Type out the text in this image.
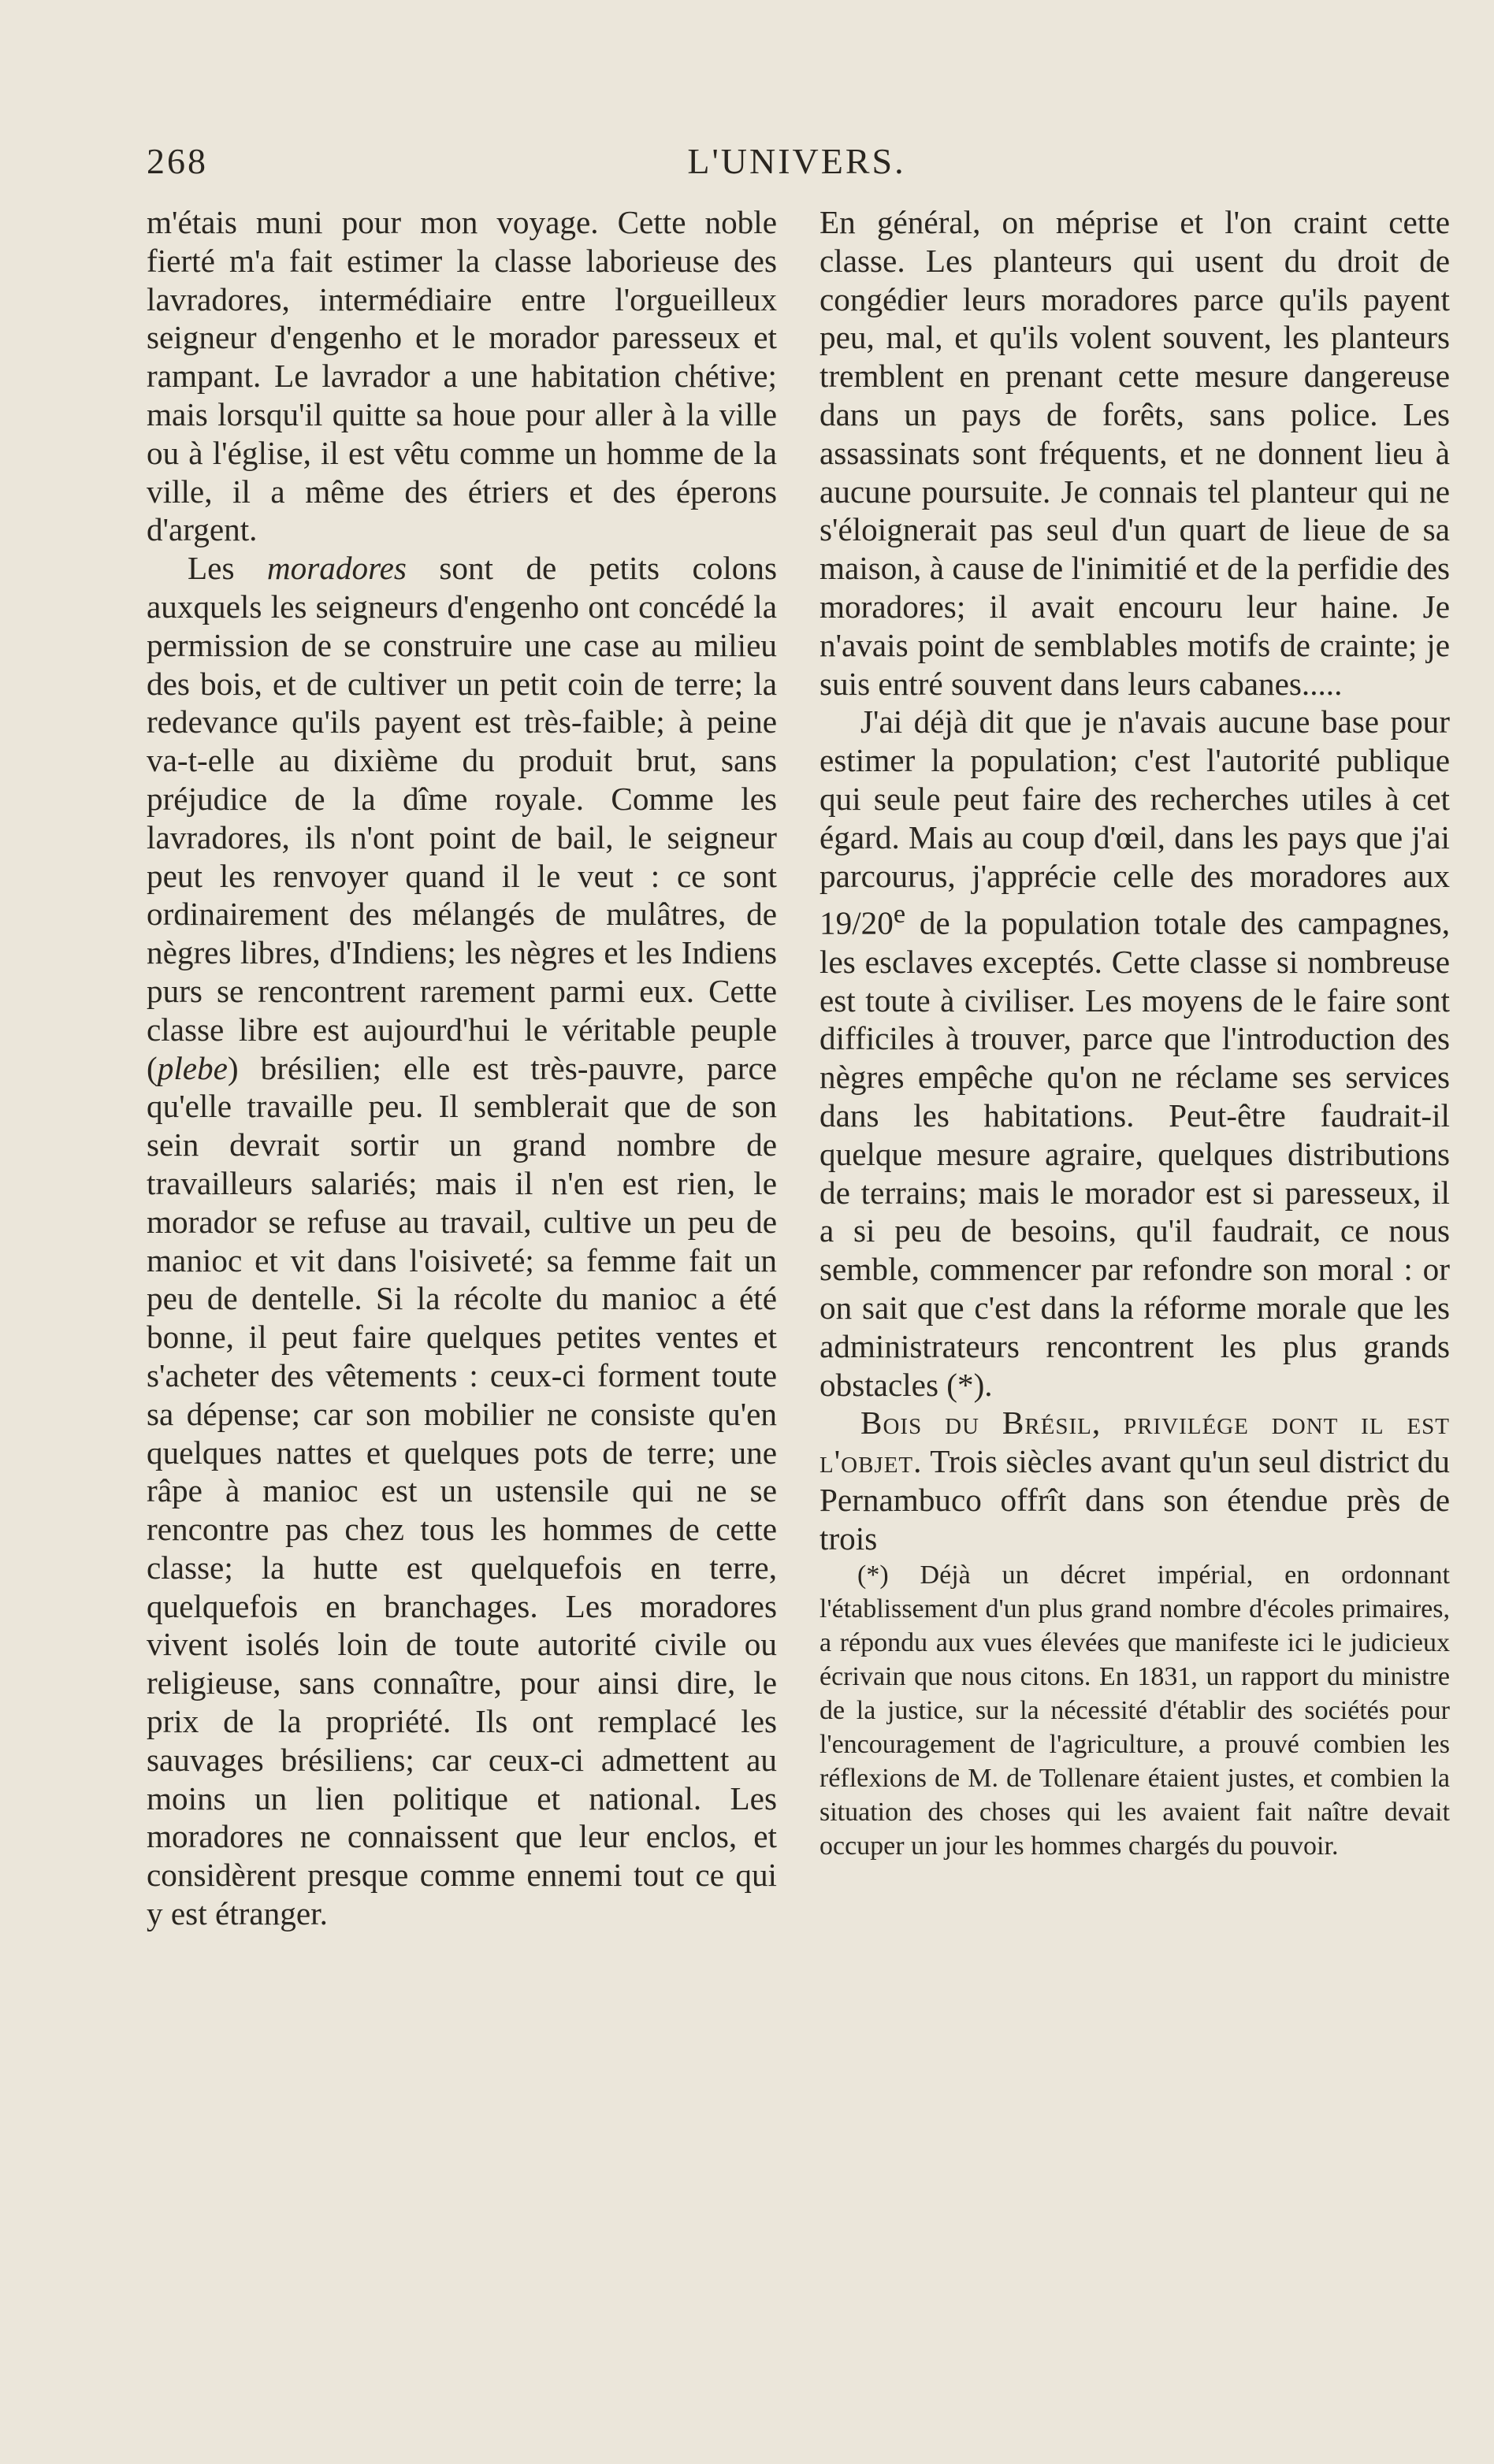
268	L'UNIVERS.

m'étais muni pour mon voyage. Cette noble fierté m'a fait estimer la classe laborieuse des lavradores, intermédiaire entre l'orgueilleux seigneur d'engenho et le morador paresseux et rampant. Le lavrador a une habitation chétive; mais lorsqu'il quitte sa houe pour aller à la ville ou à l'église, il est vêtu comme un homme de la ville, il a même des étriers et des éperons d'argent.

Les moradores sont de petits colons auxquels les seigneurs d'engenho ont concédé la permission de se construire une case au milieu des bois, et de cultiver un petit coin de terre; la redevance qu'ils payent est très-faible; à peine va-t-elle au dixième du produit brut, sans préjudice de la dîme royale. Comme les lavradores, ils n'ont point de bail, le seigneur peut les renvoyer quand il le veut : ce sont ordinairement des mélangés de mulâtres, de nègres libres, d'Indiens; les nègres et les Indiens purs se rencontrent rarement parmi eux. Cette classe libre est aujourd'hui le véritable peuple (plebe) brésilien; elle est très-pauvre, parce qu'elle travaille peu. Il semblerait que de son sein devrait sortir un grand nombre de travailleurs salariés; mais il n'en est rien, le morador se refuse au travail, cultive un peu de manioc et vit dans l'oisiveté; sa femme fait un peu de dentelle. Si la récolte du manioc a été bonne, il peut faire quelques petites ventes et s'acheter des vêtements : ceux-ci forment toute sa dépense; car son mobilier ne consiste qu'en quelques nattes et quelques pots de terre; une râpe à manioc est un ustensile qui ne se rencontre pas chez tous les hommes de cette classe; la hutte est quelquefois en terre, quelquefois en branchages. Les moradores vivent isolés loin de toute autorité civile ou religieuse, sans connaître, pour ainsi dire, le prix de la propriété. Ils ont remplacé les sauvages brésiliens; car ceux-ci admettent au moins un lien politique et national. Les moradores ne connaissent que leur enclos, et considèrent presque comme ennemi tout ce qui y est étranger.

En général, on méprise et l'on craint cette classe. Les planteurs qui usent du droit de congédier leurs moradores parce qu'ils payent peu, mal, et qu'ils volent souvent, les planteurs tremblent en prenant cette mesure dangereuse dans un pays de forêts, sans police. Les assassinats sont fréquents, et ne donnent lieu à aucune poursuite. Je connais tel planteur qui ne s'éloignerait pas seul d'un quart de lieue de sa maison, à cause de l'inimitié et de la perfidie des moradores; il avait encouru leur haine. Je n'avais point de semblables motifs de crainte; je suis entré souvent dans leurs cabanes.....

J'ai déjà dit que je n'avais aucune base pour estimer la population; c'est l'autorité publique qui seule peut faire des recherches utiles à cet égard. Mais au coup d'œil, dans les pays que j'ai parcourus, j'apprécie celle des moradores aux 19/20e de la population totale des campagnes, les esclaves exceptés. Cette classe si nombreuse est toute à civiliser. Les moyens de le faire sont difficiles à trouver, parce que l'introduction des nègres empêche qu'on ne réclame ses services dans les habitations. Peut-être faudrait-il quelque mesure agraire, quelques distributions de terrains; mais le morador est si paresseux, il a si peu de besoins, qu'il faudrait, ce nous semble, commencer par refondre son moral : or on sait que c'est dans la réforme morale que les administrateurs rencontrent les plus grands obstacles (*).

Bois du Brésil, privilége dont il est l'objet. Trois siècles avant qu'un seul district du Pernambuco offrît dans son étendue près de trois

(*) Déjà un décret impérial, en ordonnant l'établissement d'un plus grand nombre d'écoles primaires, a répondu aux vues élevées que manifeste ici le judicieux écrivain que nous citons. En 1831, un rapport du ministre de la justice, sur la nécessité d'établir des sociétés pour l'encouragement de l'agriculture, a prouvé combien les réflexions de M. de Tollenare étaient justes, et combien la situation des choses qui les avaient fait naître devait occuper un jour les hommes chargés du pouvoir.
